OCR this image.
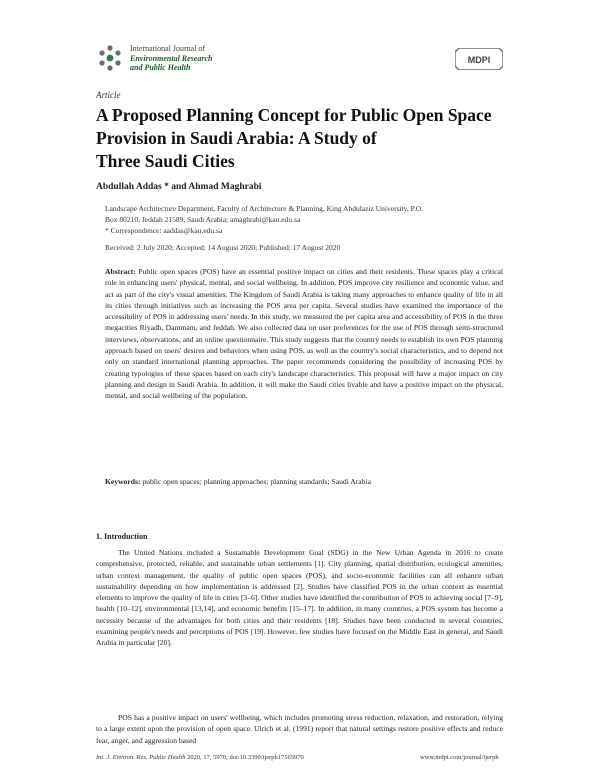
International Journal of
Environmental Research
and Public Health
MDPI
Article
A Proposed Planning Concept for Public Open Space
Provision in Saudi Arabia: A Study of
Three Saudi Cities
Abdullah Addas * and Ahmad Maghrabi
Landscape Architecture Department, Faculty of Architecture & Planning, King Abdulaziz University, P.O.
Box 80210, Jeddah 21589, Saudi Arabia; amaghrabi@kau.edu.sa
* Correspondence: aaddas@kau.edu.sa
Received: 2 July 2020; Accepted: 14 August 2020; Published: 17 August 2020
Abstract: Public open spaces (POS) have an essential positive impact on cities and their residents. These spaces play a critical role in enhancing users' physical, mental, and social wellbeing. In addition, POS improve city resilience and economic value, and act as part of the city's visual amenities. The Kingdom of Saudi Arabia is taking many approaches to enhance quality of life in all its cities through initiatives such as increasing the POS area per capita. Several studies have examined the importance of the accessibility of POS in addressing users' needs. In this study, we measured the per capita area and accessibility of POS in the three megacities Riyadh, Dammam, and Jeddah. We also collected data on user preferences for the use of POS through semi-structured interviews, observations, and an online questionnaire. This study suggests that the country needs to establish its own POS planning approach based on users' desires and behaviors when using POS, as well as the country's social characteristics, and to depend not only on standard international planning approaches. The paper recommends considering the possibility of increasing POS by creating typologies of these spaces based on each city's landscape characteristics. This proposal will have a major impact on city planning and design in Saudi Arabia. In addition, it will make the Saudi cities livable and have a positive impact on the physical, mental, and social wellbeing of the population.
Keywords: public open spaces; planning approaches; planning standards; Saudi Arabia
1. Introduction
The United Nations included a Sustainable Development Goal (SDG) in the New Urban Agenda in 2016 to create comprehensive, protected, reliable, and sustainable urban settlements [1]. City planning, spatial distribution, ecological amenities, urban context management, the quality of public open spaces (POS), and socio-economic facilities can all enhance urban sustainability depending on how implementation is addressed [2]. Studies have classified POS in the urban context as essential elements to improve the quality of life in cities [3–6]. Other studies have identified the contribution of POS to achieving social [7–9], health [10–12], environmental [13,14], and economic benefits [15–17]. In addition, in many countries, a POS system has become a necessity because of the advantages for both cities and their residents [18]. Studies have been conducted in several countries, examining people's needs and perceptions of POS [19]. However, few studies have focused on the Middle East in general, and Saudi Arabia in particular [20].
POS has a positive impact on users' wellbeing, which includes promoting stress reduction, relaxation, and restoration, relying to a large extent upon the provision of open space. Ulrich et al. (1991) report that natural settings restore positive effects and reduce fear, anger, and aggression based
Int. J. Environ. Res. Public Health 2020, 17, 5970; doi:10.3390/ijerph17165970	www.mdpi.com/journal/ijerph
